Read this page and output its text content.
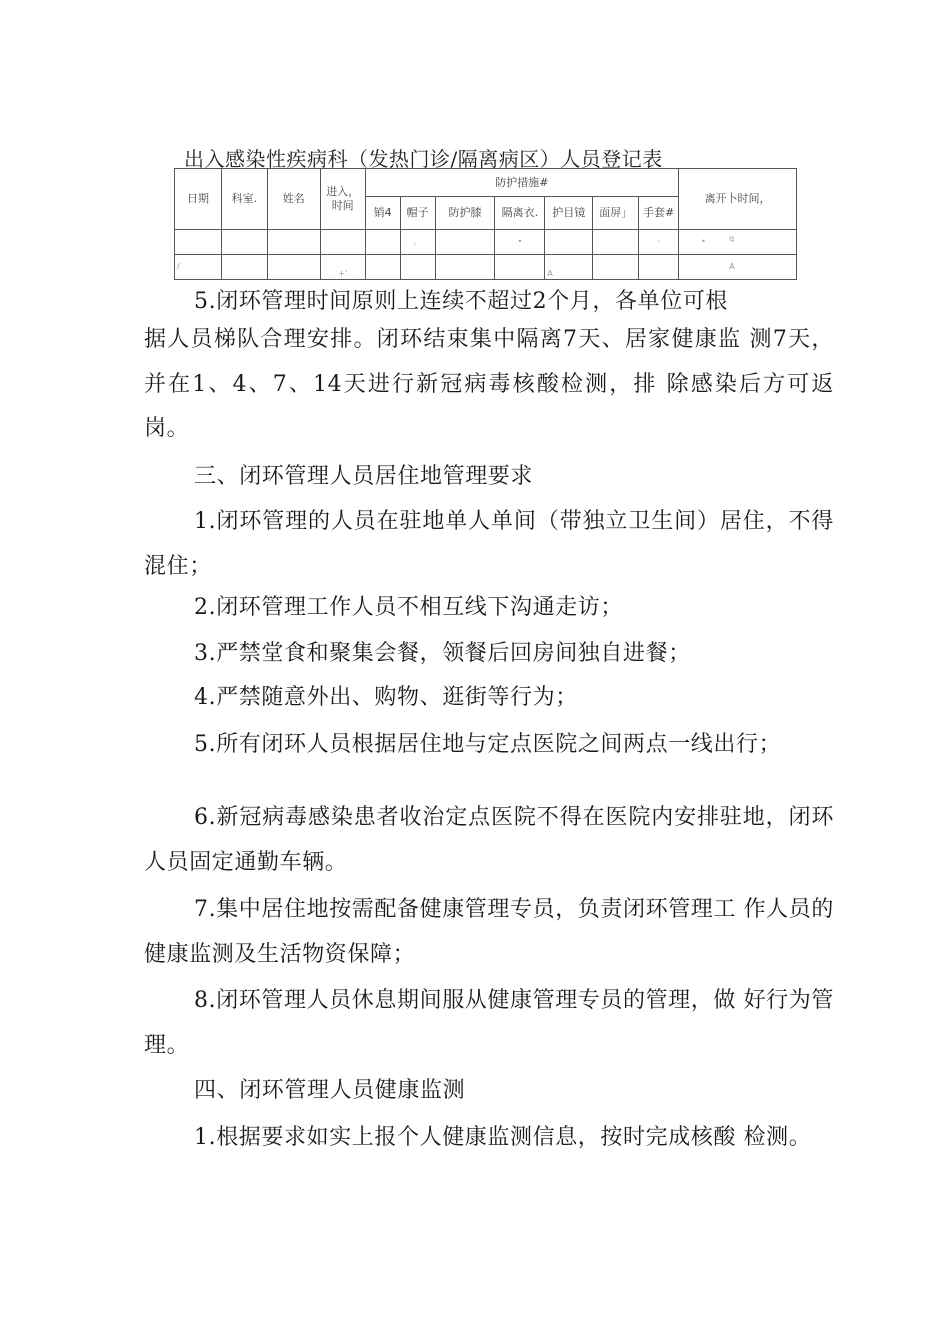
出入感染性疾病科（发热门诊/隔离病区）人员登记表
日期	科室.	姓名	进入，时间	防护措施#							离开卜时间，
				销4	帽子	防护膝	隔离衣.	护目镜	面屏」	手套#	
					。		•			◦	• q

/			+'					A			A

5.闭环管理时间原则上连续不超过2个月，各单位可根

据人员梯队合理安排。闭环结束集中隔离7天、居家健康监 测7天，并在1、4、7、14天进行新冠病毒核酸检测，排 除感染后方可返岗。

三、闭环管理人员居住地管理要求

1.闭环管理的人员在驻地单人单间（带独立卫生间）居住，不得混住；

2.闭环管理工作人员不相互线下沟通走访；

3.严禁堂食和聚集会餐，领餐后回房间独自进餐；

4.严禁随意外出、购物、逛街等行为；

5.所有闭环人员根据居住地与定点医院之间两点一线出行；

6.新冠病毒感染患者收治定点医院不得在医院内安排驻地，闭环人员固定通勤车辆。

7.集中居住地按需配备健康管理专员，负责闭环管理工 作人员的健康监测及生活物资保障；

8.闭环管理人员休息期间服从健康管理专员的管理，做 好行为管理。

四、闭环管理人员健康监测

1.根据要求如实上报个人健康监测信息，按时完成核酸 检测。
